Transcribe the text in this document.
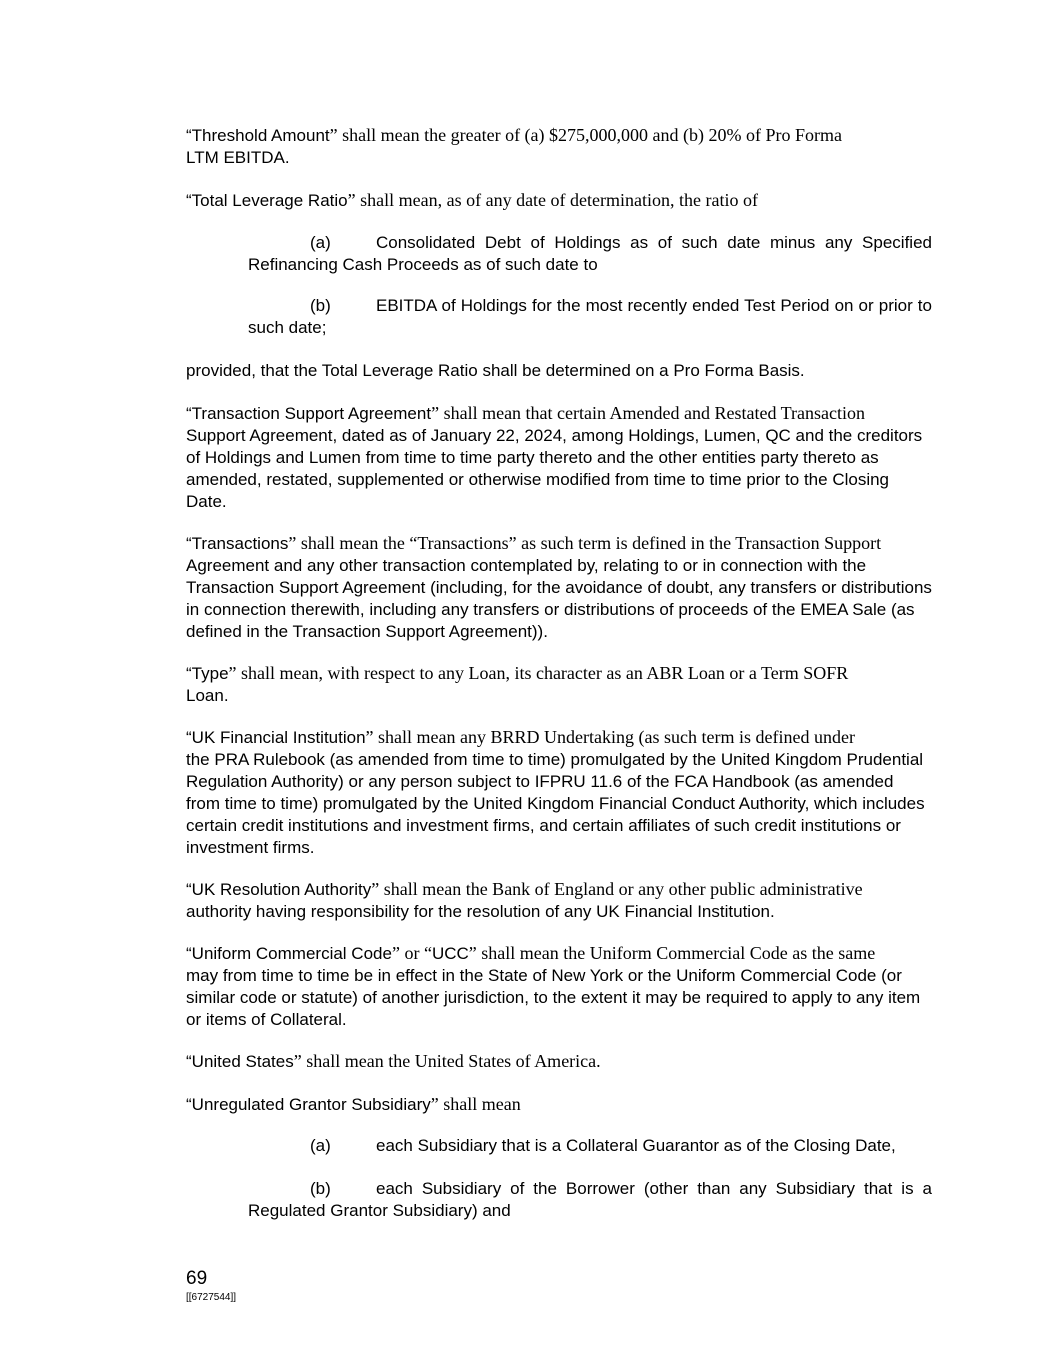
“Threshold Amount” shall mean the greater of (a) $275,000,000 and (b) 20% of Pro Forma
LTM EBITDA.

“Total Leverage Ratio” shall mean, as of any date of determination, the ratio of

(a)	Consolidated Debt of Holdings as of such date minus any Specified Refinancing Cash Proceeds as of such date to

(b)	EBITDA of Holdings for the most recently ended Test Period on or prior to such date;

provided, that the Total Leverage Ratio shall be determined on a Pro Forma Basis.

“Transaction Support Agreement” shall mean that certain Amended and Restated Transaction
Support Agreement, dated as of January 22, 2024, among Holdings, Lumen, QC and the creditors of Holdings and Lumen from time to time party thereto and the other entities party thereto as amended, restated, supplemented or otherwise modified from time to time prior to the Closing Date.

“Transactions” shall mean the “Transactions” as such term is defined in the Transaction Support
Agreement and any other transaction contemplated by, relating to or in connection with the Transaction Support Agreement (including, for the avoidance of doubt, any transfers or distributions in connection therewith, including any transfers or distributions of proceeds of the EMEA Sale (as defined in the Transaction Support Agreement)).

“Type” shall mean, with respect to any Loan, its character as an ABR Loan or a Term SOFR
Loan.

“UK Financial Institution” shall mean any BRRD Undertaking (as such term is defined under
the PRA Rulebook (as amended from time to time) promulgated by the United Kingdom Prudential Regulation Authority) or any person subject to IFPRU 11.6 of the FCA Handbook (as amended from time to time) promulgated by the United Kingdom Financial Conduct Authority, which includes certain credit institutions and investment firms, and certain affiliates of such credit institutions or investment firms.

“UK Resolution Authority” shall mean the Bank of England or any other public administrative
authority having responsibility for the resolution of any UK Financial Institution.

“Uniform Commercial Code” or “UCC” shall mean the Uniform Commercial Code as the same
may from time to time be in effect in the State of New York or the Uniform Commercial Code (or similar code or statute) of another jurisdiction, to the extent it may be required to apply to any item or items of Collateral.

“United States” shall mean the United States of America.

“Unregulated Grantor Subsidiary” shall mean

(a)	each Subsidiary that is a Collateral Guarantor as of the Closing Date,

(b)	each Subsidiary of the Borrower (other than any Subsidiary that is a Regulated Grantor Subsidiary) and

69
[[6727544]]
